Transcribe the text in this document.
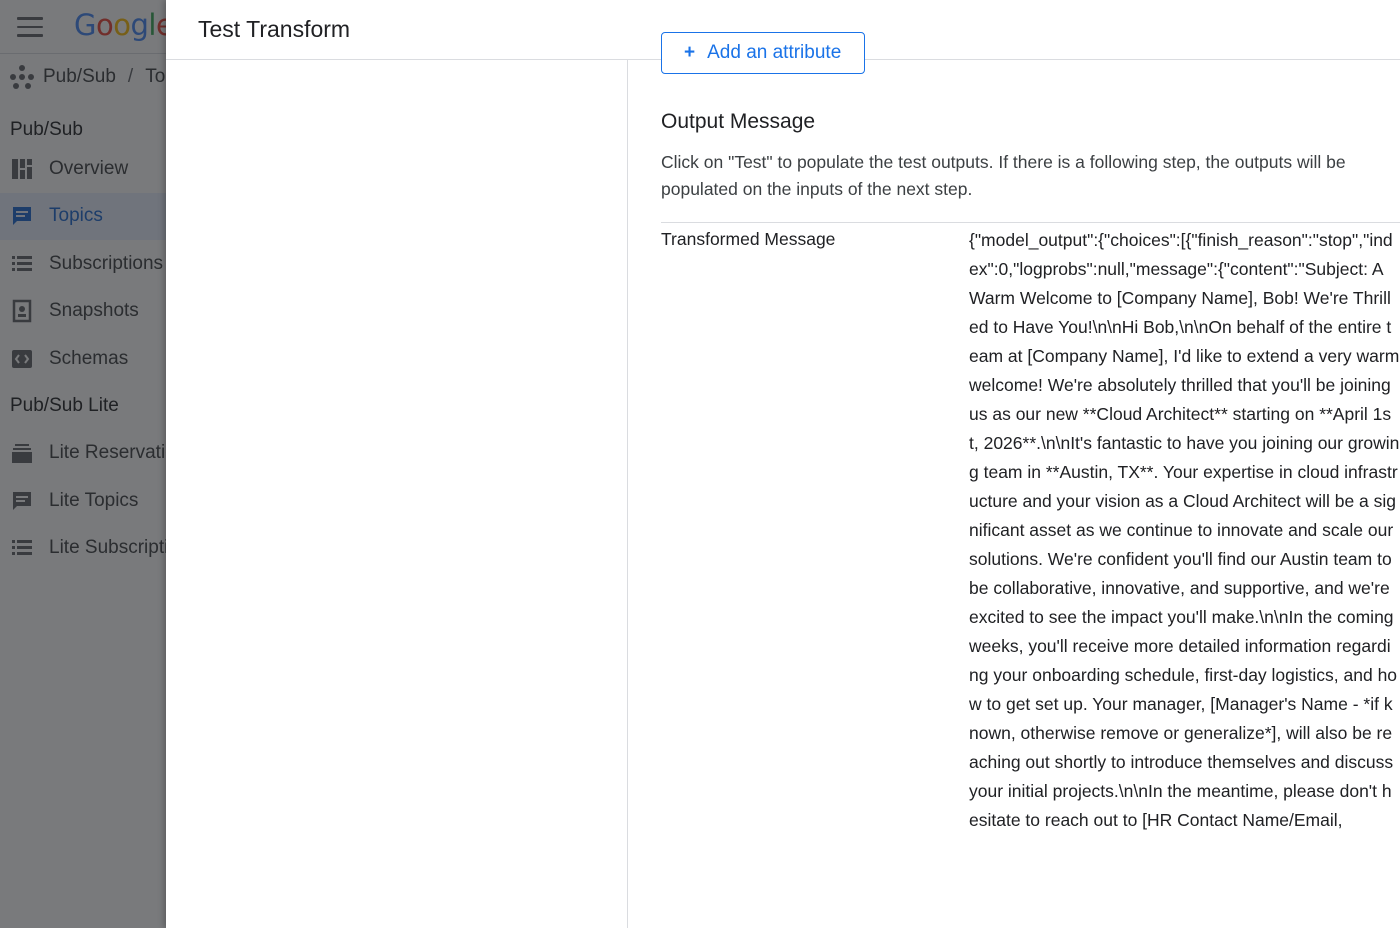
Test Transform
+ Add an attribute
Output Message
Click on "Test" to populate the test outputs. If there is a following step, the outputs will be populated on the inputs of the next step.
Transformed Message	{"model_output":{"choices":[{"finish_reason":"stop","index":0,"logprobs":null,"message":{"content":"Subject: A Warm Welcome to [Company Name], Bob! We're Thrilled to Have You!\n\nHi Bob,\n\nOn behalf of the entire team at [Company Name], I'd like to extend a very warm welcome! We're absolutely thrilled that you'll be joining us as our new **Cloud Architect** starting on **April 1st, 2026**.\n\nIt's fantastic to have you joining our growing team in **Austin, TX**. Your expertise in cloud infrastructure and your vision as a Cloud Architect will be a significant asset as we continue to innovate and scale our solutions. We're confident you'll find our Austin team to be collaborative, innovative, and supportive, and we're excited to see the impact you'll make.\n\nIn the coming weeks, you'll receive more detailed information regarding your onboarding schedule, first-day logistics, and how to get set up. Your manager, [Manager's Name - *if known, otherwise remove or generalize*], will also be reaching out shortly to introduce themselves and discuss your initial projects.\n\nIn the meantime, please don't hesitate to reach out to [HR Contact Name/Email,
